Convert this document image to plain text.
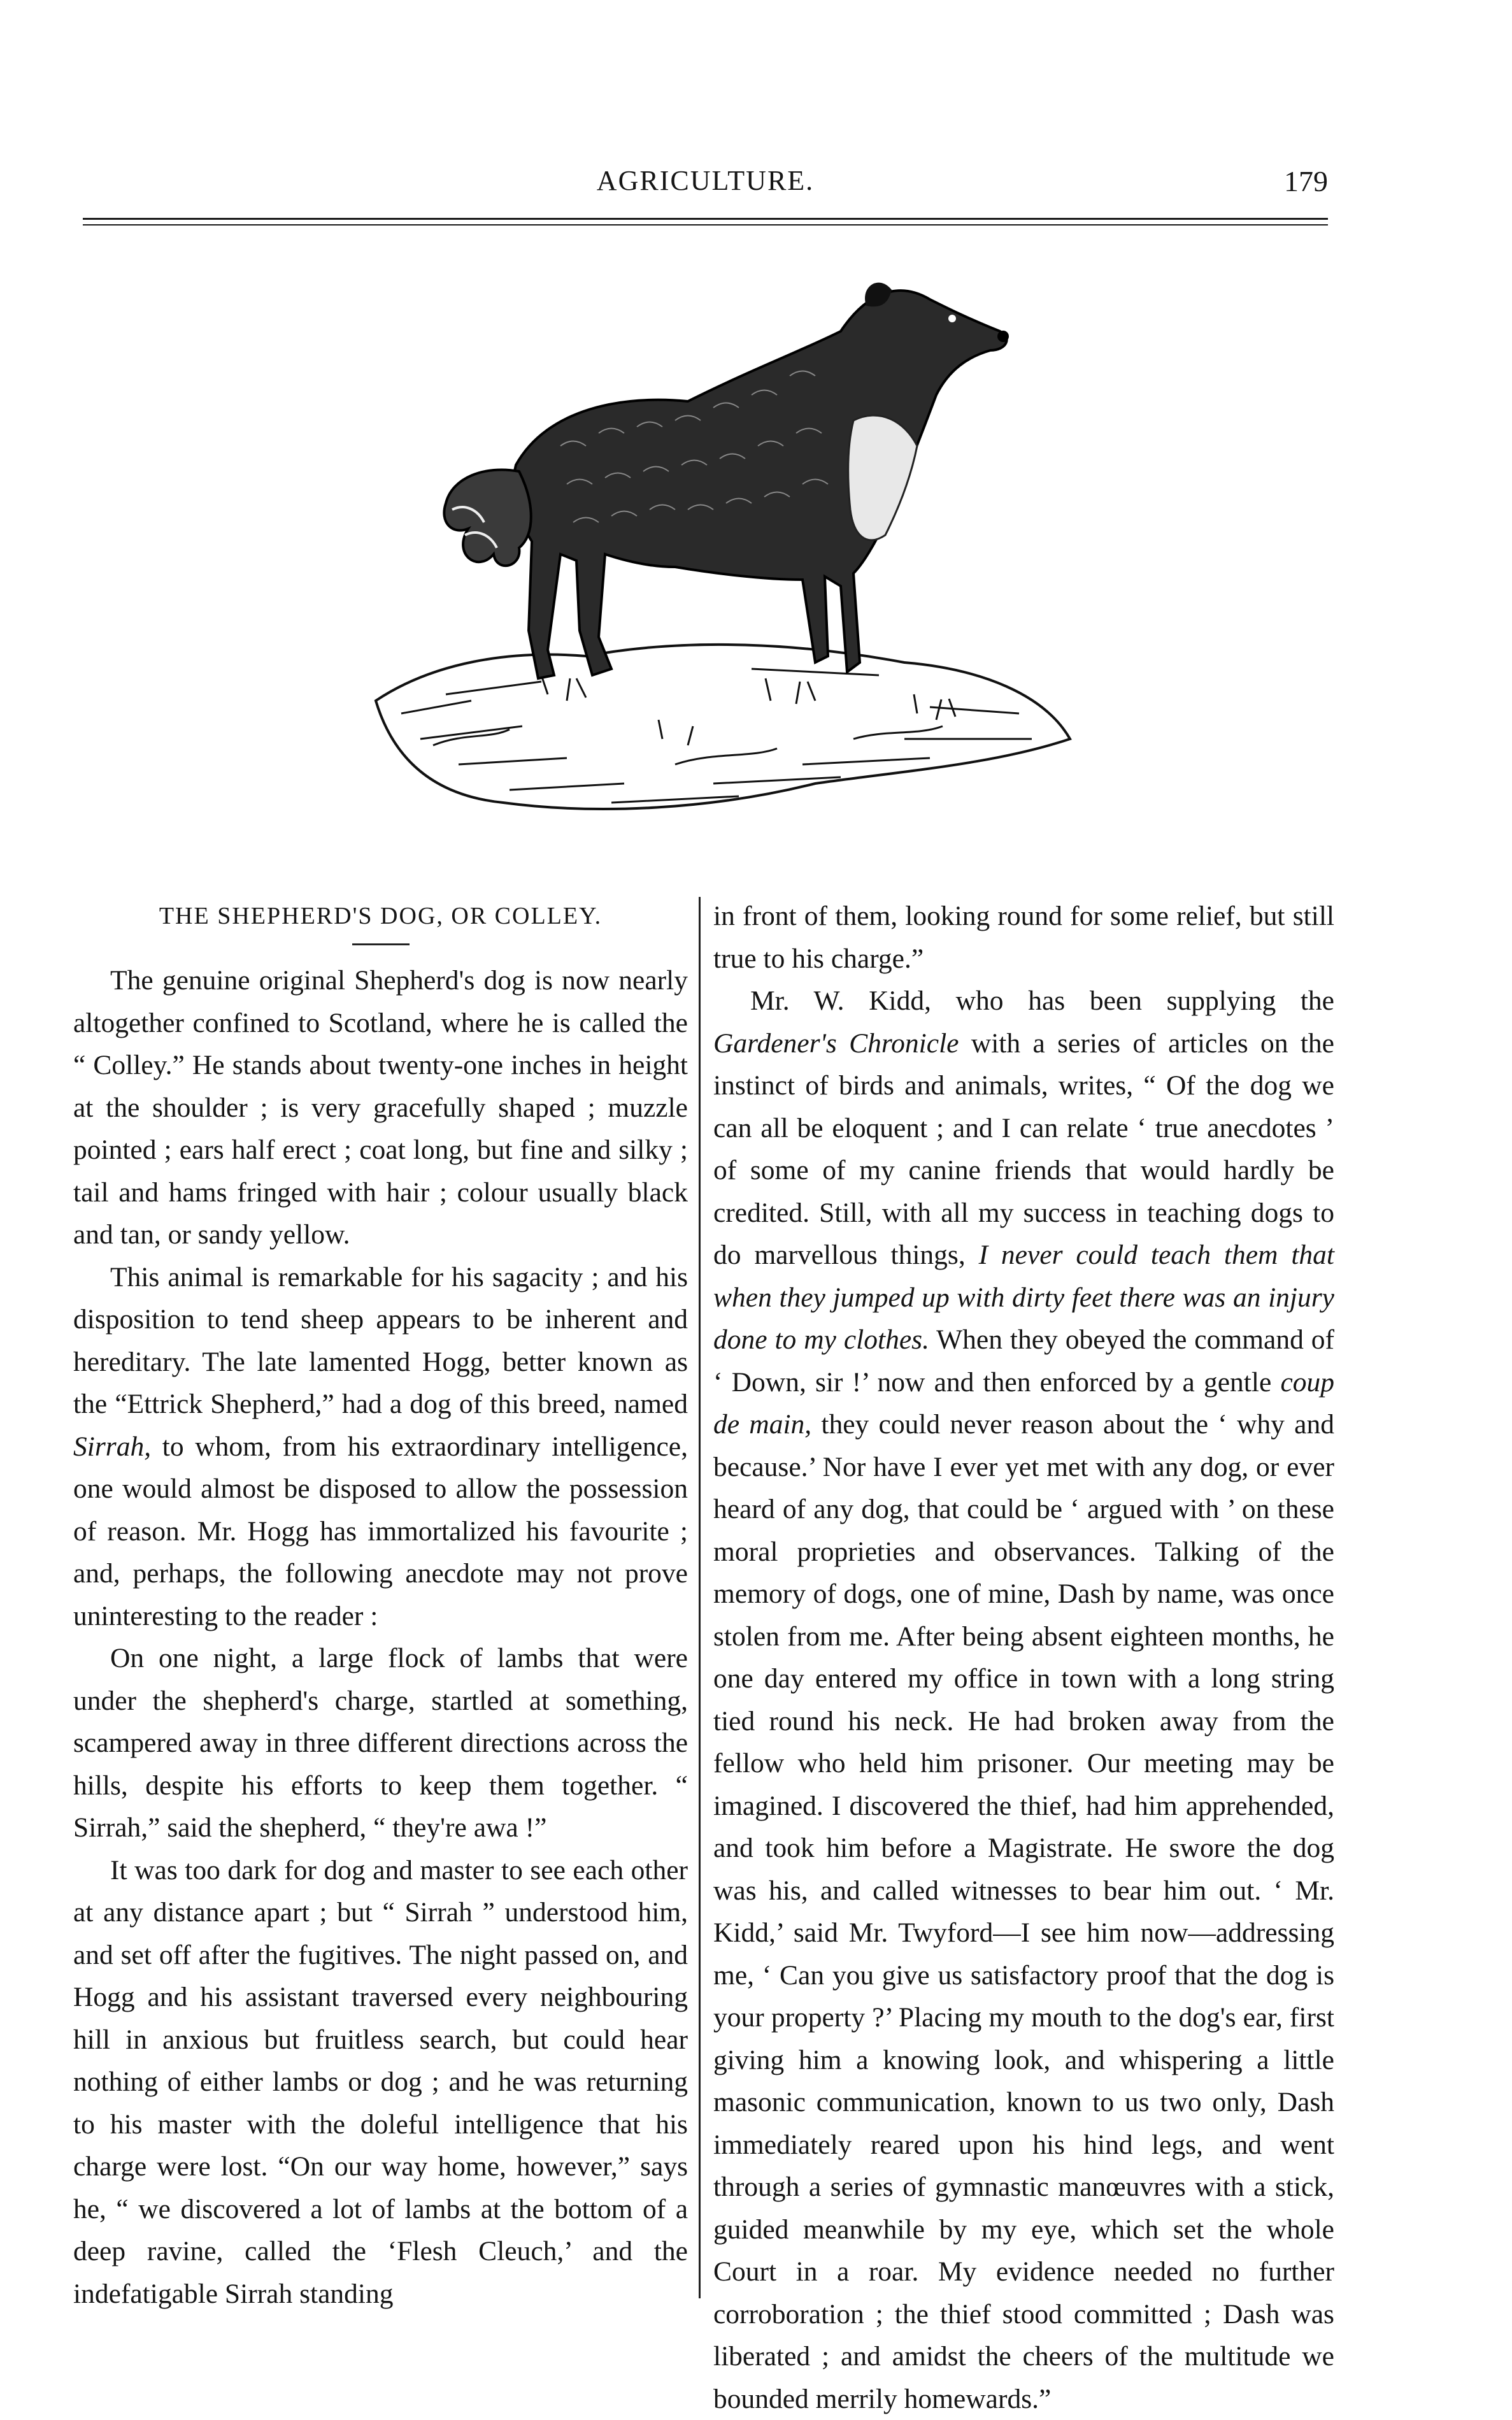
AGRICULTURE.	179
THE SHEPHERD'S DOG, OR COLLEY.

The genuine original Shepherd's dog is now nearly altogether confined to Scotland, where he is called the “ Colley.” He stands about twenty-one inches in height at the shoulder ; is very gracefully shaped ; muzzle pointed ; ears half erect ; coat long, but fine and silky ; tail and hams fringed with hair ; colour usually black and tan, or sandy yellow.

This animal is remarkable for his sagacity ; and his disposition to tend sheep appears to be inherent and hereditary. The late lamented Hogg, better known as the “Ettrick Shepherd,” had a dog of this breed, named Sirrah, to whom, from his extraordinary intelligence, one would almost be disposed to allow the possession of reason. Mr. Hogg has immortalized his favourite ; and, perhaps, the following anecdote may not prove uninteresting to the reader :

On one night, a large flock of lambs that were under the shepherd's charge, startled at something, scampered away in three different directions across the hills, despite his efforts to keep them together. “ Sirrah,” said the shepherd, “ they're awa !”

It was too dark for dog and master to see each other at any distance apart ; but “ Sirrah ” understood him, and set off after the fugitives. The night passed on, and Hogg and his assistant traversed every neighbouring hill in anxious but fruitless search, but could hear nothing of either lambs or dog ; and he was returning to his master with the doleful intelligence that his charge were lost. “On our way home, however,” says he, “ we discovered a lot of lambs at the bottom of a deep ravine, called the ‘Flesh Cleuch,’ and the indefatigable Sirrah standing

in front of them, looking round for some relief, but still true to his charge.”

Mr. W. Kidd, who has been supplying the Gardener's Chronicle with a series of articles on the instinct of birds and animals, writes, “ Of the dog we can all be eloquent ; and I can relate ‘ true anecdotes ’ of some of my canine friends that would hardly be credited. Still, with all my success in teaching dogs to do marvellous things, I never could teach them that when they jumped up with dirty feet there was an injury done to my clothes. When they obeyed the command of ‘ Down, sir !’ now and then enforced by a gentle coup de main, they could never reason about the ‘ why and because.’ Nor have I ever yet met with any dog, or ever heard of any dog, that could be ‘ argued with ’ on these moral proprieties and observances. Talking of the memory of dogs, one of mine, Dash by name, was once stolen from me. After being absent eighteen months, he one day entered my office in town with a long string tied round his neck. He had broken away from the fellow who held him prisoner. Our meeting may be imagined. I discovered the thief, had him apprehended, and took him before a Magistrate. He swore the dog was his, and called witnesses to bear him out. ‘ Mr. Kidd,’ said Mr. Twyford—I see him now—addressing me, ‘ Can you give us satisfactory proof that the dog is your property ?’ Placing my mouth to the dog's ear, first giving him a knowing look, and whispering a little masonic communication, known to us two only, Dash immediately reared upon his hind legs, and went through a series of gymnastic manœuvres with a stick, guided meanwhile by my eye, which set the whole Court in a roar. My evidence needed no further corroboration ; the thief stood committed ; Dash was liberated ; and amidst the cheers of the multitude we bounded merrily homewards.”
